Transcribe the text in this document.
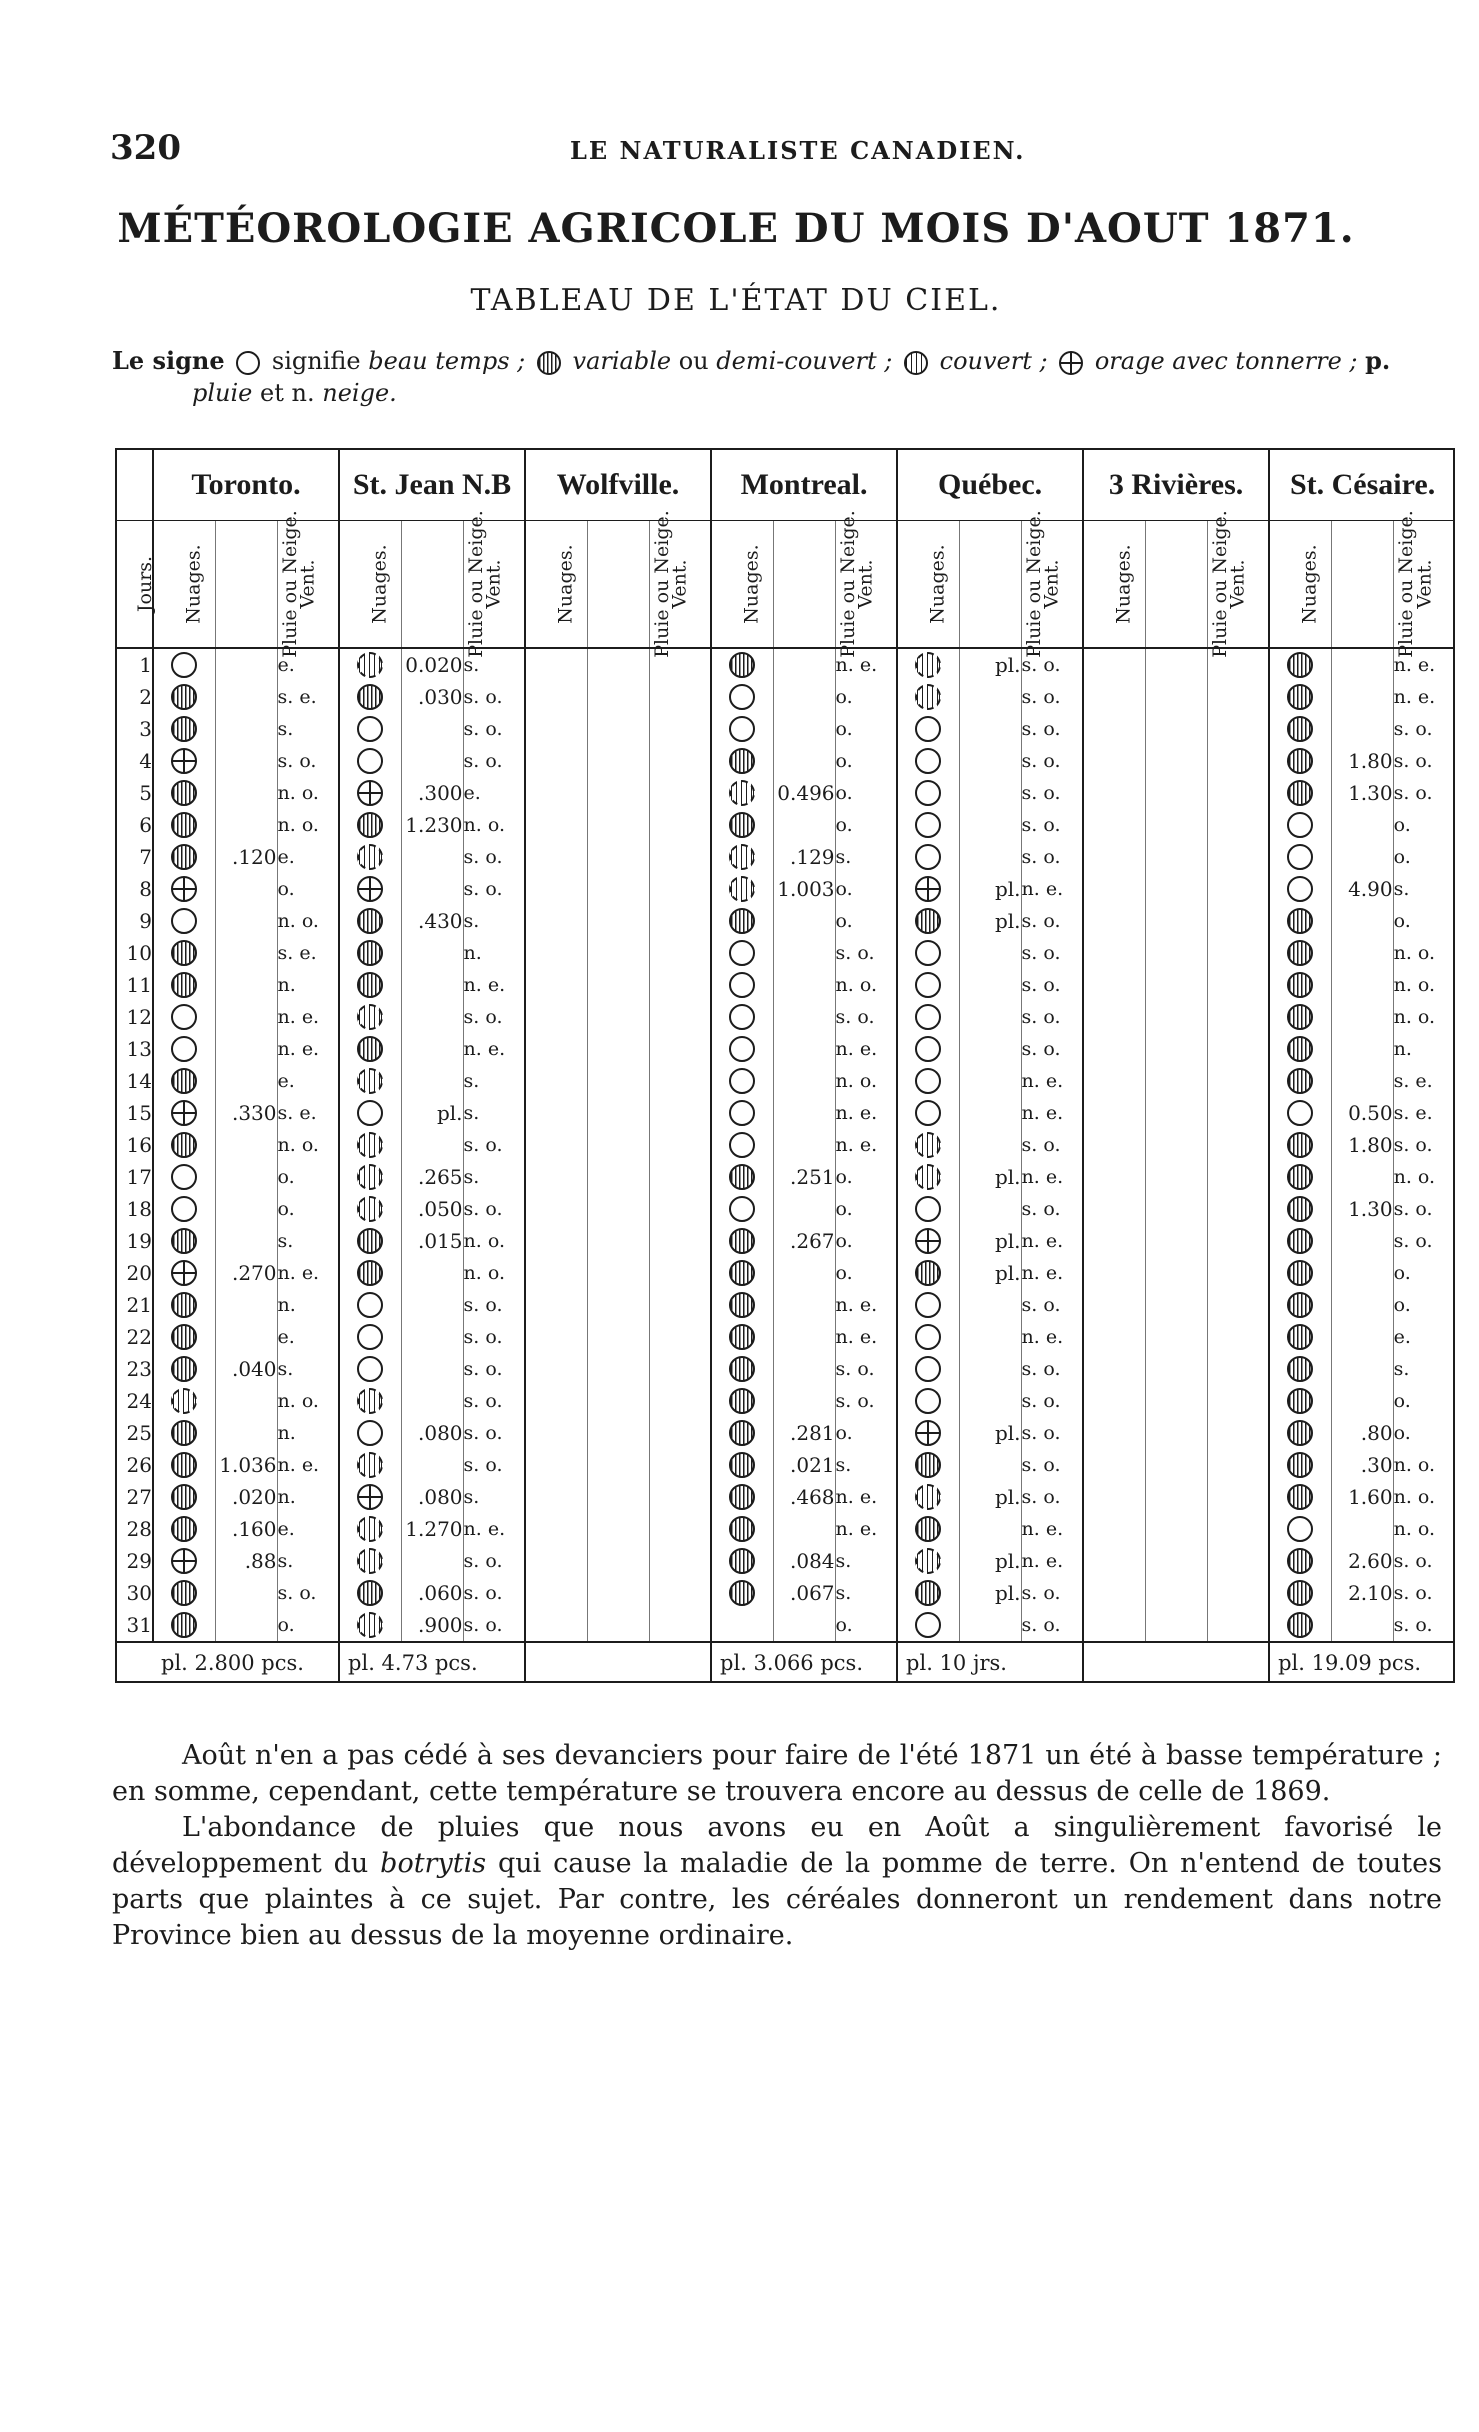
320	LE NATURALISTE CANADIEN.
MÉTÉOROLOGIE AGRICOLE DU MOIS D'AOUT 1871.
TABLEAU DE L'ÉTAT DU CIEL.
Le signe signifie beau temps ; variable ou demi-couvert ; couvert ; orage avec tonnerre ; p.
pluie et n. neige.
	Toronto.			St. Jean N.B			Wolfville.			Montreal.			Québec.			3 Rivières.			St. Césaire.		
Jours.	Nuages.	Pluie ou Neige.	Vent.	Nuages.	Pluie ou Neige.	Vent.	Nuages.	Pluie ou Neige.	Vent.	Nuages.	Pluie ou Neige.	Vent.	Nuages.	Pluie ou Neige.	Vent.	Nuages.	Pluie ou Neige.	Vent.	Nuages.	Pluie ou Neige.	Vent.
1			e.		0.020	s.						n. e.		pl.	s. o.						n. e.
2			s. e.		.030	s. o.						o.			s. o.						n. e.
3			s.			s. o.						o.			s. o.						s. o.
4			s. o.			s. o.						o.			s. o.					1.80	s. o.
5			n. o.		.300	e.					0.496	o.			s. o.					1.30	s. o.
6			n. o.		1.230	n. o.						o.			s. o.						o.
7		.120	e.			s. o.					.129	s.			s. o.						o.
8			o.			s. o.					1.003	o.		pl.	n. e.					4.90	s.
9			n. o.		.430	s.						o.		pl.	s. o.						o.
10			s. e.			n.						s. o.			s. o.						n. o.
11			n.			n. e.						n. o.			s. o.						n. o.
12			n. e.			s. o.						s. o.			s. o.						n. o.
13			n. e.			n. e.						n. e.			s. o.						n.
14			e.			s.						n. o.			n. e.						s. e.
15		.330	s. e.		pl.	s.						n. e.			n. e.					0.50	s. e.
16			n. o.			s. o.						n. e.			s. o.					1.80	s. o.
17			o.		.265	s.					.251	o.		pl.	n. e.						n. o.
18			o.		.050	s. o.						o.			s. o.					1.30	s. o.
19			s.		.015	n. o.					.267	o.		pl.	n. e.						s. o.
20		.270	n. e.			n. o.						o.		pl.	n. e.						o.
21			n.			s. o.						n. e.			s. o.						o.
22			e.			s. o.						n. e.			n. e.						e.
23		.040	s.			s. o.						s. o.			s. o.						s.
24			n. o.			s. o.						s. o.			s. o.						o.
25			n.		.080	s. o.					.281	o.		pl.	s. o.					.80	o.
26		1.036	n. e.			s. o.					.021	s.			s. o.					.30	n. o.
27		.020	n.		.080	s.					.468	n. e.		pl.	s. o.					1.60	n. o.
28		.160	e.		1.270	n. e.						n. e.			n. e.						n. o.
29		.88	s.			s. o.					.084	s.		pl.	n. e.					2.60	s. o.
30			s. o.		.060	s. o.					.067	s.		pl.	s. o.					2.10	s. o.
31			o.		.900	s. o.						o.			s. o.						s. o.
	pl. 2.800 pcs.			pl. 4.73 pcs.						pl. 3.066 pcs.			pl. 10 jrs.						pl. 19.09 pcs.		
Août n'en a pas cédé à ses devanciers pour faire de l'été 1871 un été à basse température ; en somme, cependant, cette température se trouvera encore au dessus de celle de 1869.
L'abondance de pluies que nous avons eu en Août a singulièrement favorisé le développement du botrytis qui cause la maladie de la pomme de terre. On n'entend de toutes parts que plaintes à ce sujet. Par contre, les céréales donneront un rendement dans notre Province bien au dessus de la moyenne ordinaire.
